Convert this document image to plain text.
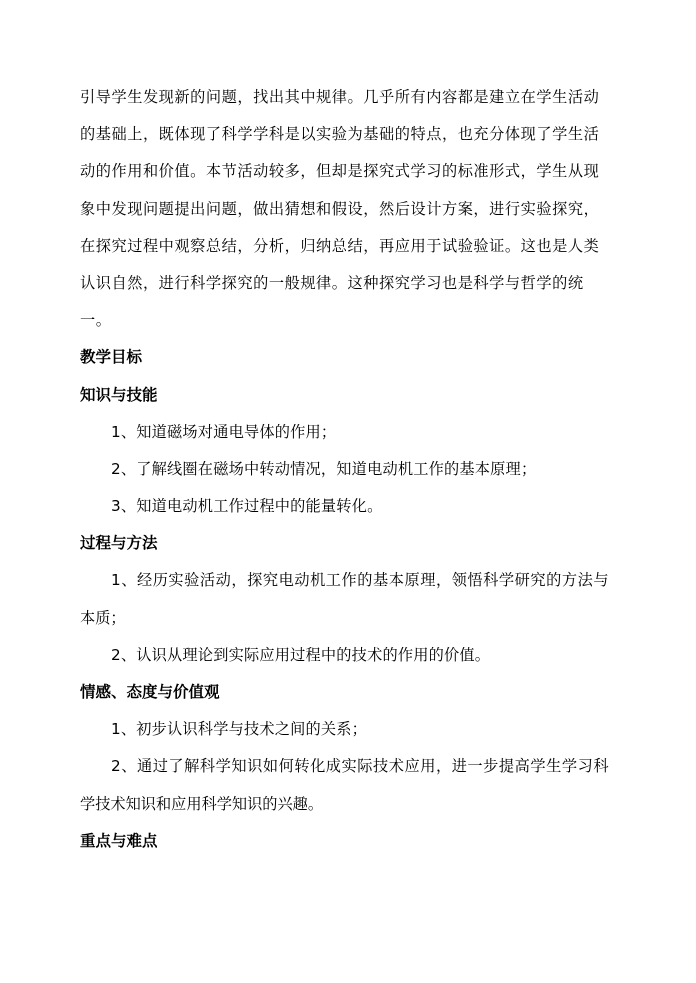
引导学生发现新的问题，找出其中规律。几乎所有内容都是建立在学生活动
的基础上，既体现了科学学科是以实验为基础的特点，也充分体现了学生活
动的作用和价值。本节活动较多，但却是探究式学习的标准形式，学生从现
象中发现问题提出问题，做出猜想和假设，然后设计方案，进行实验探究，
在探究过程中观察总结，分析，归纳总结，再应用于试验验证。这也是人类
认识自然，进行科学探究的一般规律。这种探究学习也是科学与哲学的统
一。
教学目标
知识与技能
1、知道磁场对通电导体的作用；
2、了解线圈在磁场中转动情况，知道电动机工作的基本原理；
3、知道电动机工作过程中的能量转化。
过程与方法
1、经历实验活动，探究电动机工作的基本原理，领悟科学研究的方法与
本质；
2、认识从理论到实际应用过程中的技术的作用的价值。
情感、态度与价值观
1、初步认识科学与技术之间的关系；
2、通过了解科学知识如何转化成实际技术应用，进一步提高学生学习科
学技术知识和应用科学知识的兴趣。
重点与难点
